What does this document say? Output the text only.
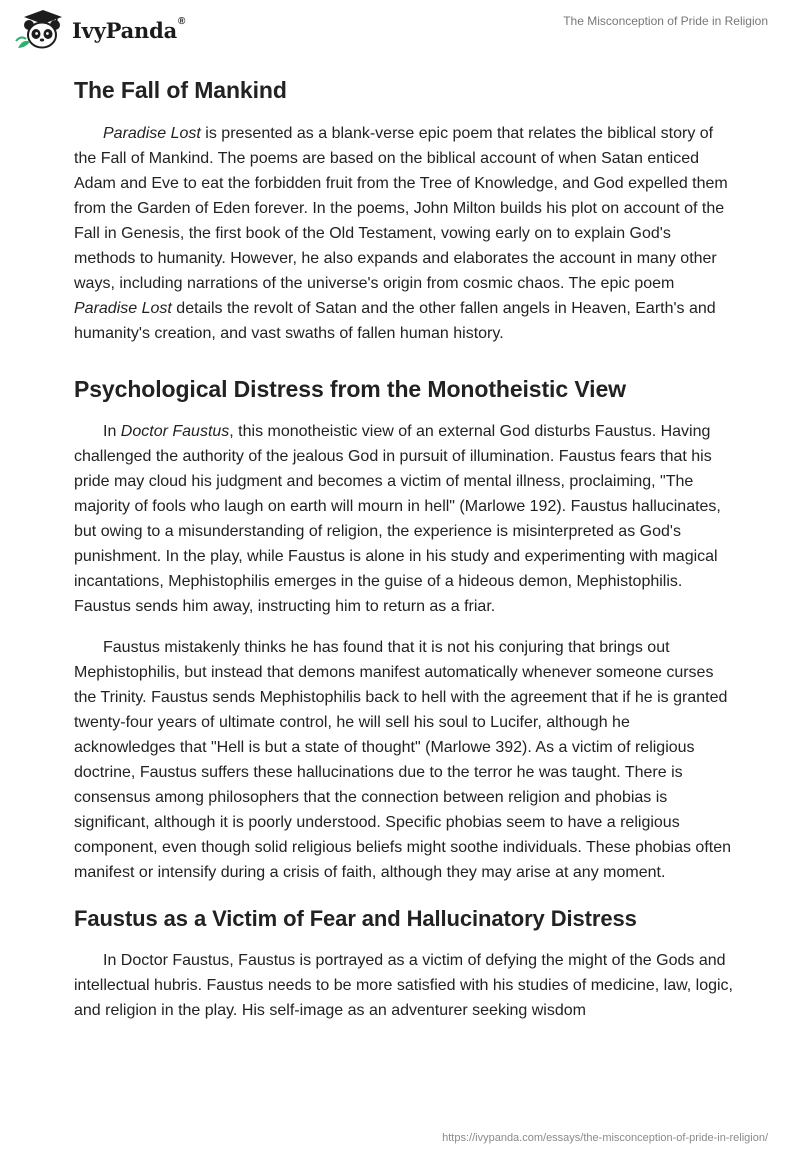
IvyPanda®	The Misconception of Pride in Religion
The Fall of Mankind

Paradise Lost is presented as a blank-verse epic poem that relates the biblical story of the Fall of Mankind. The poems are based on the biblical account of when Satan enticed Adam and Eve to eat the forbidden fruit from the Tree of Knowledge, and God expelled them from the Garden of Eden forever. In the poems, John Milton builds his plot on account of the Fall in Genesis, the first book of the Old Testament, vowing early on to explain God's methods to humanity. However, he also expands and elaborates the account in many other ways, including narrations of the universe's origin from cosmic chaos. The epic poem Paradise Lost details the revolt of Satan and the other fallen angels in Heaven, Earth's and humanity's creation, and vast swaths of fallen human history.

Psychological Distress from the Monotheistic View

In Doctor Faustus, this monotheistic view of an external God disturbs Faustus. Having challenged the authority of the jealous God in pursuit of illumination. Faustus fears that his pride may cloud his judgment and becomes a victim of mental illness, proclaiming, "The majority of fools who laugh on earth will mourn in hell" (Marlowe 192). Faustus hallucinates, but owing to a misunderstanding of religion, the experience is misinterpreted as God's punishment. In the play, while Faustus is alone in his study and experimenting with magical incantations, Mephistophilis emerges in the guise of a hideous demon, Mephistophilis. Faustus sends him away, instructing him to return as a friar.

Faustus mistakenly thinks he has found that it is not his conjuring that brings out Mephistophilis, but instead that demons manifest automatically whenever someone curses the Trinity. Faustus sends Mephistophilis back to hell with the agreement that if he is granted twenty-four years of ultimate control, he will sell his soul to Lucifer, although he acknowledges that "Hell is but a state of thought" (Marlowe 392). As a victim of religious doctrine, Faustus suffers these hallucinations due to the terror he was taught. There is consensus among philosophers that the connection between religion and phobias is significant, although it is poorly understood. Specific phobias seem to have a religious component, even though solid religious beliefs might soothe individuals. These phobias often manifest or intensify during a crisis of faith, although they may arise at any moment.

Faustus as a Victim of Fear and Hallucinatory Distress

In Doctor Faustus, Faustus is portrayed as a victim of defying the might of the Gods and intellectual hubris. Faustus needs to be more satisfied with his studies of medicine, law, logic, and religion in the play. His self-image as an adventurer seeking wisdom

https://ivypanda.com/essays/the-misconception-of-pride-in-religion/
